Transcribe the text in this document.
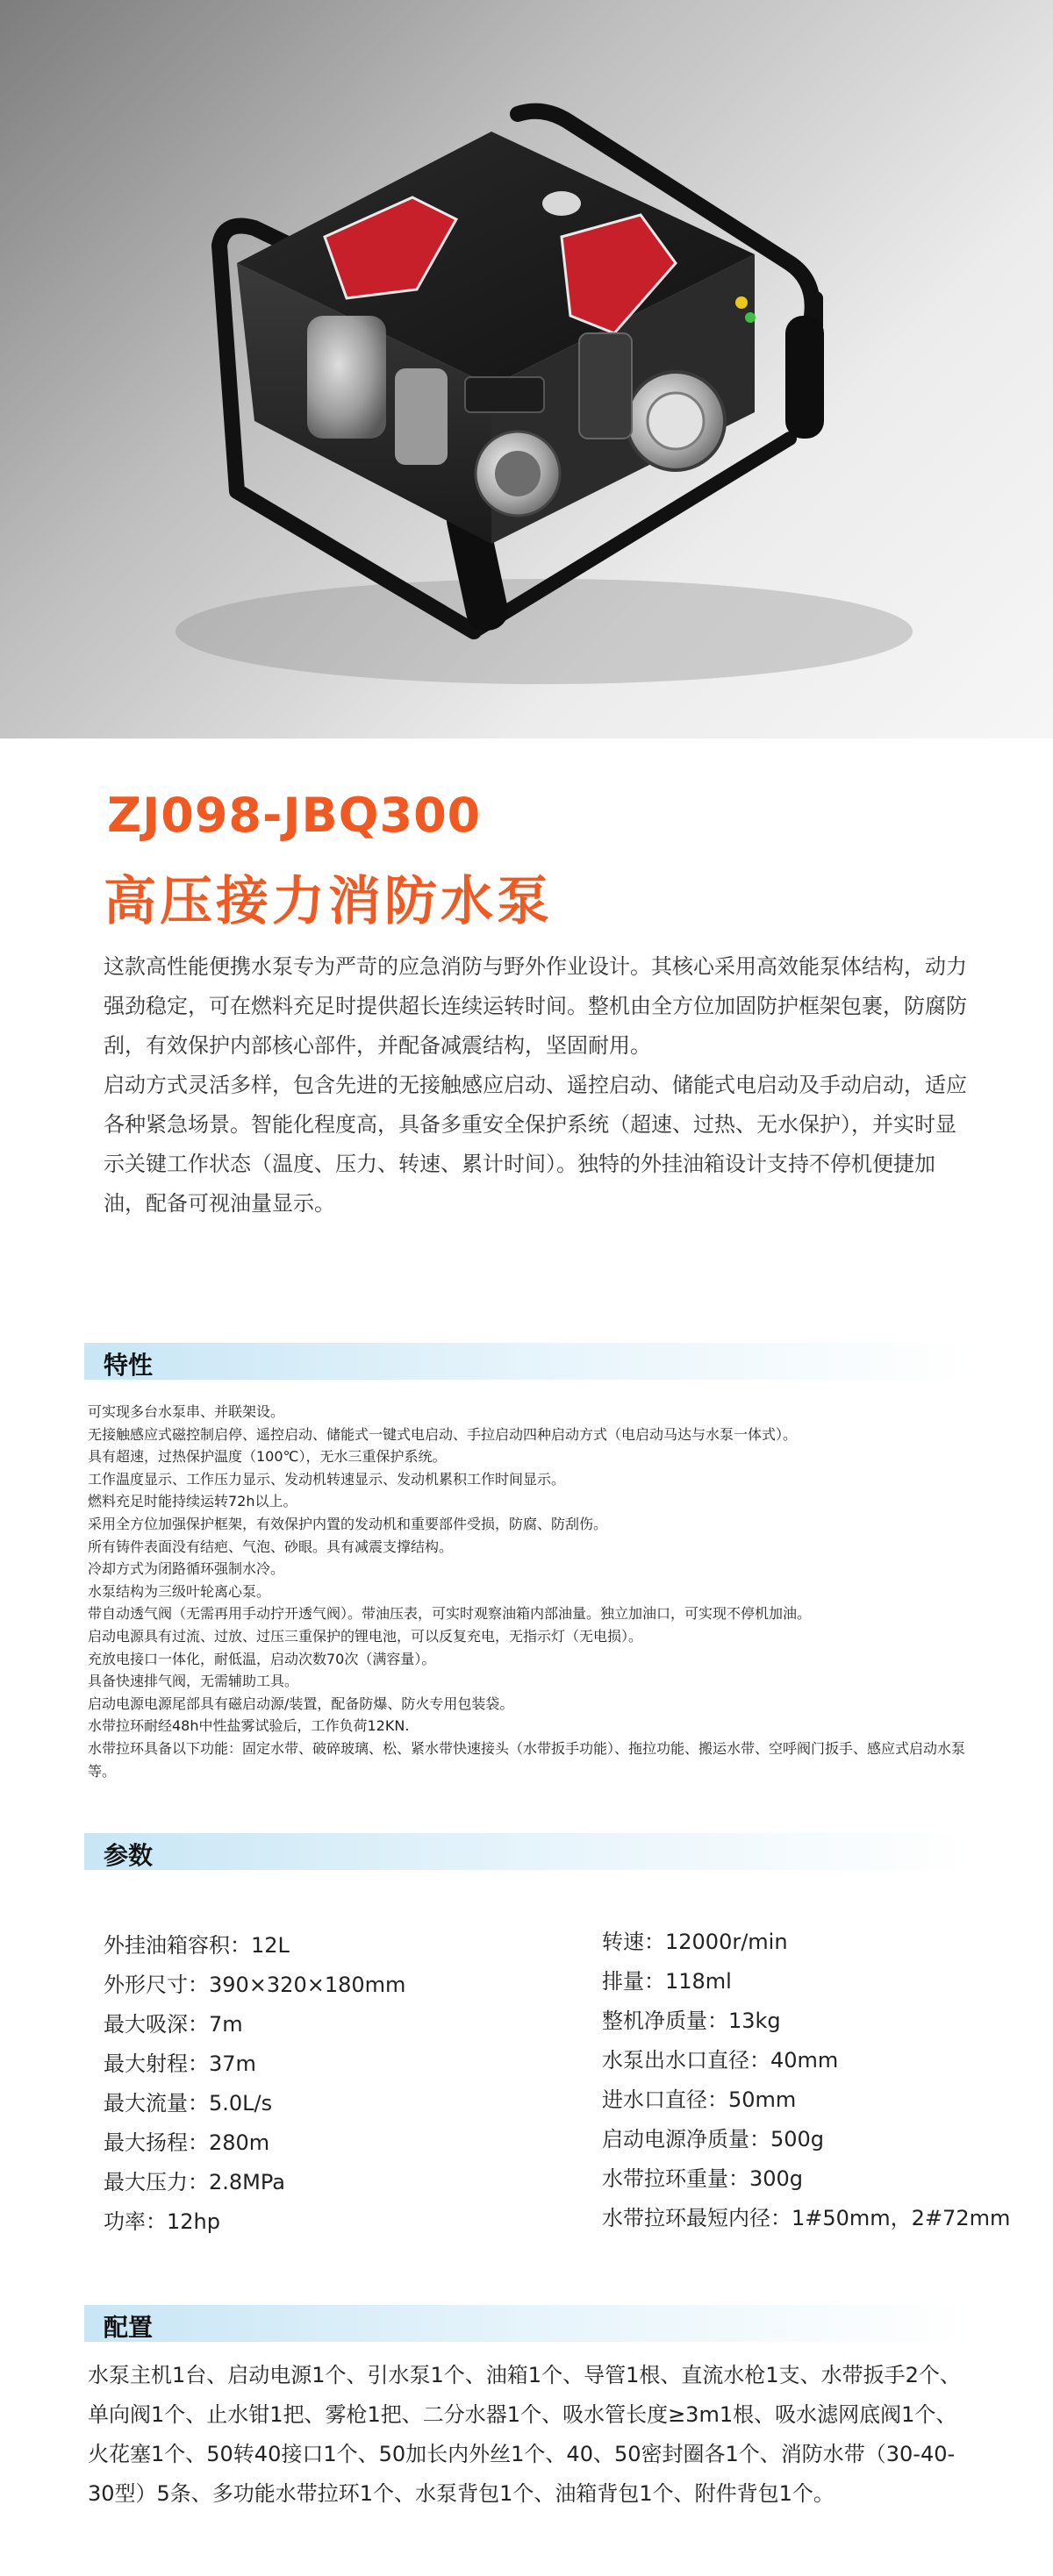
ZJ098-JBQ300
高压接力消防水泵

这款高性能便携水泵专为严苛的应急消防与野外作业设计。其核心采用高效能泵体结构，动力强劲稳定，可在燃料充足时提供超长连续运转时间。整机由全方位加固防护框架包裹，防腐防刮，有效保护内部核心部件，并配备减震结构，坚固耐用。

启动方式灵活多样，包含先进的无接触感应启动、遥控启动、储能式电启动及手动启动，适应各种紧急场景。智能化程度高，具备多重安全保护系统（超速、过热、无水保护），并实时显示关键工作状态（温度、压力、转速、累计时间）。独特的外挂油箱设计支持不停机便捷加油，配备可视油量显示。

特性
可实现多台水泵串、并联架设。
无接触感应式磁控制启停、遥控启动、储能式一键式电启动、手拉启动四种启动方式（电启动马达与水泵一体式）。
具有超速，过热保护温度（100℃），无水三重保护系统。
工作温度显示、工作压力显示、发动机转速显示、发动机累积工作时间显示。
燃料充足时能持续运转72h以上。
采用全方位加强保护框架，有效保护内置的发动机和重要部件受损，防腐、防刮伤。
所有铸件表面没有结疤、气泡、砂眼。具有减震支撑结构。
冷却方式为闭路循环强制水冷。
水泵结构为三级叶轮离心泵。
带自动透气阀（无需再用手动拧开透气阀）。带油压表，可实时观察油箱内部油量。独立加油口，可实现不停机加油。
启动电源具有过流、过放、过压三重保护的锂电池，可以反复充电，无指示灯（无电损）。
充放电接口一体化，耐低温，启动次数70次（满容量）。
具备快速排气阀，无需辅助工具。
启动电源电源尾部具有磁启动源/装置，配备防爆、防火专用包装袋。
水带拉环耐经48h中性盐雾试验后，工作负荷12KN.
水带拉环具备以下功能：固定水带、破碎玻璃、松、紧水带快速接头（水带扳手功能）、拖拉功能、搬运水带、空呼阀门扳手、感应式启动水泵等。
参数
外挂油箱容积：12L
外形尺寸：390×320×180mm
最大吸深：7m
最大射程：37m
最大流量：5.0L/s
最大扬程：280m
最大压力：2.8MPa
功率：12hp
转速：12000r/min
排量：118ml
整机净质量：13kg
水泵出水口直径：40mm
进水口直径：50mm
启动电源净质量：500g
水带拉环重量：300g
水带拉环最短内径：1#50mm，2#72mm
配置
水泵主机1台、启动电源1个、引水泵1个、油箱1个、导管1根、直流水枪1支、水带扳手2个、单向阀1个、止水钳1把、雾枪1把、二分水器1个、吸水管长度≥3m1根、吸水滤网底阀1个、火花塞1个、50转40接口1个、50加长内外丝1个、40、50密封圈各1个、消防水带（30-40-30型）5条、多功能水带拉环1个、水泵背包1个、油箱背包1个、附件背包1个。
